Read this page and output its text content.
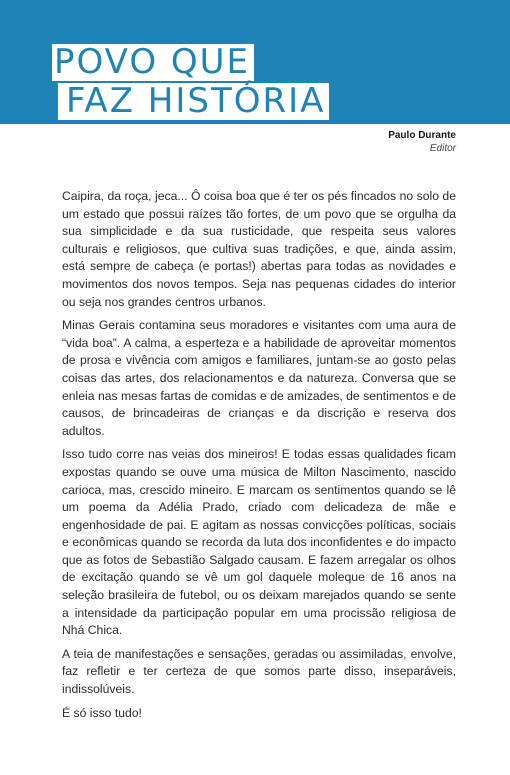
POVO QUE
FAZ HISTÓRIA
Paulo Durante
Editor

Caipira, da roça, jeca... Ô coisa boa que é ter os pés fincados no solo de um estado que possui raízes tão fortes, de um povo que se orgulha da sua simplicidade e da sua rusticidade, que respeita seus valores culturais e religiosos, que cultiva suas tradições, e que, ainda assim, está sempre de cabeça (e portas!) abertas para todas as novidades e movimentos dos novos tempos. Seja nas pequenas cidades do interior ou seja nos grandes centros urbanos.

Minas Gerais contamina seus moradores e visitantes com uma aura de “vida boa”. A calma, a esperteza e a habilidade de aproveitar momentos de prosa e vivência com amigos e familiares, juntam-se ao gosto pelas coisas das artes, dos relacionamentos e da natureza. Conversa que se enleia nas mesas fartas de comidas e de amizades, de sentimentos e de causos, de brincadeiras de crianças e da discrição e reserva dos adultos.

Isso tudo corre nas veias dos mineiros! E todas essas qualidades ficam expostas quando se ouve uma música de Milton Nascimento, nascido carioca, mas, crescido mineiro. E marcam os sentimentos quando se lê um poema da Adélia Prado, criado com delicadeza de mãe e engenhosidade de pai. E agitam as nossas convicções políticas, sociais e econômicas quando se recorda da luta dos inconfidentes e do impacto que as fotos de Sebastião Salgado causam. E fazem arregalar os olhos de excitação quando se vê um gol daquele moleque de 16 anos na seleção brasileira de futebol, ou os deixam marejados quando se sente a intensidade da participação popular em uma procissão religiosa de Nhá Chica.

A teia de manifestações e sensações, geradas ou assimiladas, envolve, faz refletir e ter certeza de que somos parte disso, inseparáveis, indissolúveis.

É só isso tudo!
